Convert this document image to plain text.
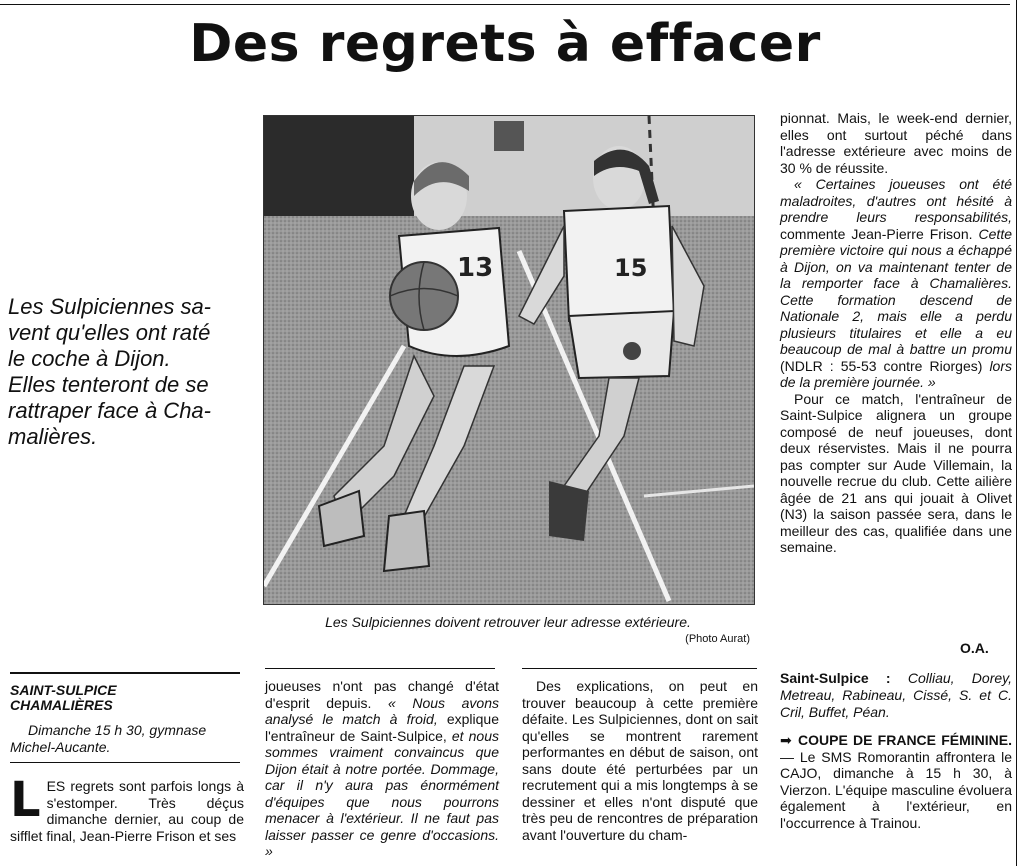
Des regrets à effacer

Les Sulpiciennes sa-

vent qu'elles ont raté

le coche à Dijon.

Elles tenteront de se

rattraper face à Cha-

malières.

13	15

Les Sulpiciennes doivent retrouver leur adresse extérieure.

(Photo Aurat)

SAINT-SULPICE
CHAMALIÈRES
Dimanche 15 h 30, gymnase
Michel-Aucante.
LES regrets sont parfois longs à s'estomper. Très déçus dimanche dernier, au coup de sifflet final, Jean-Pierre Frison et ses
joueuses n'ont pas changé d'état d'esprit depuis. « Nous avons analysé le match à froid, explique l'entraîneur de Saint-Sulpice, et nous sommes vraiment convaincus que Dijon était à notre portée. Dommage, car il n'y aura pas énormément d'équipes que nous pourrons menacer à l'extérieur. Il ne faut pas laisser passer ce genre d'occasions. »

Des explications, on peut en trouver beaucoup à cette première défaite. Les Sulpiciennes, dont on sait qu'elles se montrent rarement performantes en début de saison, ont sans doute été perturbées par un recrutement qui a mis longtemps à se dessiner et elles n'ont disputé que très peu de rencontres de préparation avant l'ouverture du cham-

pionnat. Mais, le week-end dernier, elles ont surtout péché dans l'adresse extérieure avec moins de 30 % de réussite.

« Certaines joueuses ont été maladroites, d'autres ont hésité à prendre leurs responsabilités, commente Jean-Pierre Frison. Cette première victoire qui nous a échappé à Dijon, on va maintenant tenter de la remporter face à Chamalières. Cette formation descend de Nationale 2, mais elle a perdu plusieurs titulaires et elle a eu beaucoup de mal à battre un promu (NDLR : 55-53 contre Riorges) lors de la première journée. »

Pour ce match, l'entraîneur de Saint-Sulpice alignera un groupe composé de neuf joueuses, dont deux réservistes. Mais il ne pourra pas compter sur Aude Villemain, la nouvelle recrue du club. Cette ailière âgée de 21 ans qui jouait à Olivet (N3) la saison passée sera, dans le meilleur des cas, qualifiée dans une semaine.

O.A.

Saint-Sulpice : Colliau, Dorey, Metreau, Rabineau, Cissé, S. et C. Cril, Buffet, Péan.

➡ COUPE DE FRANCE FÉMININE. — Le SMS Romorantin affrontera le CAJO, dimanche à 15 h 30, à Vierzon. L'équipe masculine évoluera également à l'extérieur, en l'occurrence à Trainou.
